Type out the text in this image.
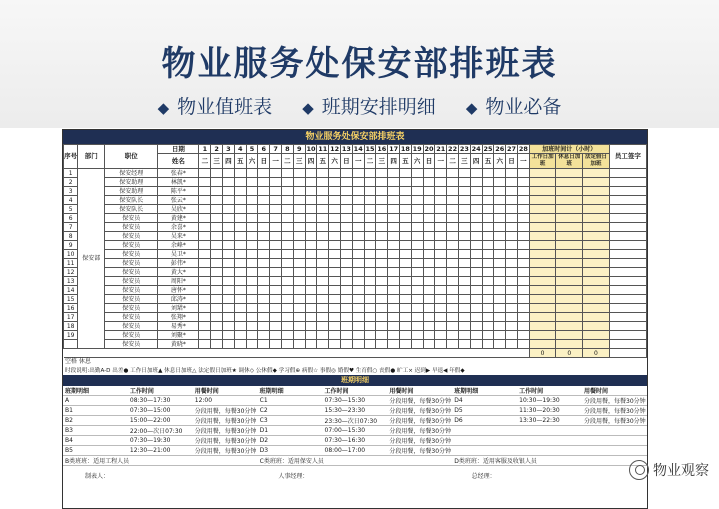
物业服务处保安部排班表
◆ 物业值班表 ◆ 班期安排明细 ◆ 物业必备
物业服务处保安部排班表
序号	部门	职位	日期	1	2	3	4	5	6	7	8	9	10	11	12	13	14	15	16	17	18	19	20	21	22	23	24	25	26	27	28	加班时间计（小时）			员工签字
			姓名	二	三	四	五	六	日	一	二	三	四	五	六	日	一	二	三	四	五	六	日	一	二	三	四	五	六	日	一	工作日加班	休息日加班	法定假日加班	
1	保安部	保安经理	张春*																																
2		保安助理	林凯*																																
3		保安助理	陈平*																																
4		保安队长	张云*																																
5		保安队长	吴欣*																																
6		保安员	黄建*																																
7		保安员	余喜*																																
8		保安员	吴来*																																
9		保安员	余峰*																																
10		保安员	吴卫*																																
11		保安员	彭伟*																																
12		保安员	黄大*																																
13		保安员	周阳*																																
14		保安员	唐怀*																																
15		保安员	邱涛*																																
16		保安员	刘珺*																																
17		保安员	张翔*																																
18		保安员	易秀*																																
19		保安员	刘聚*																																
		保安员	黄晓*																																
																																0	0	0	
空格 休息
时段说明:出勤A-D 出差● 工作日加班▲ 休息日加班△ 法定假日加班★ 调休◇ 公休假◆ 学习假⊕ 病假☆ 事假◎ 婚假♥ 生育假○ 丧假● 旷工× 迟到▶ 早退◀ 年假◆
班期明细
班期明细	工作时间	用餐时间	班期明细	工作时间	用餐时间	班期明细	工作时间	用餐时间
A	08:30—17:30	12:00	C1	07:30—15:30	分段用餐，每餐30分钟	D4	10:30—19:30	分段用餐，每餐30分钟
B1	07:30—15:00	分段用餐，每餐30分钟	C2	15:30—23:30	分段用餐，每餐30分钟	D5	11:30—20:30	分段用餐，每餐30分钟
B2	15:00—22:00	分段用餐，每餐30分钟	C3	23:30—次日07:30	分段用餐，每餐30分钟	D6	13:30—22:30	分段用餐，每餐30分钟
B3	22:00—次日07:30	分段用餐，每餐30分钟	D1	07:00—15:30	分段用餐，每餐30分钟			
B4	07:30—19:30	分段用餐，每餐30分钟	D2	07:30—16:30	分段用餐，每餐30分钟			
B5	12:30—21:00	分段用餐，每餐30分钟	D3	08:00—17:00	分段用餐，每餐30分钟			
B类班班：适用工程人员			C类班班：适用保安人员			D类班班：适用客服及收银人员		
制表人：	人事经理：	总经理：	物业观察
